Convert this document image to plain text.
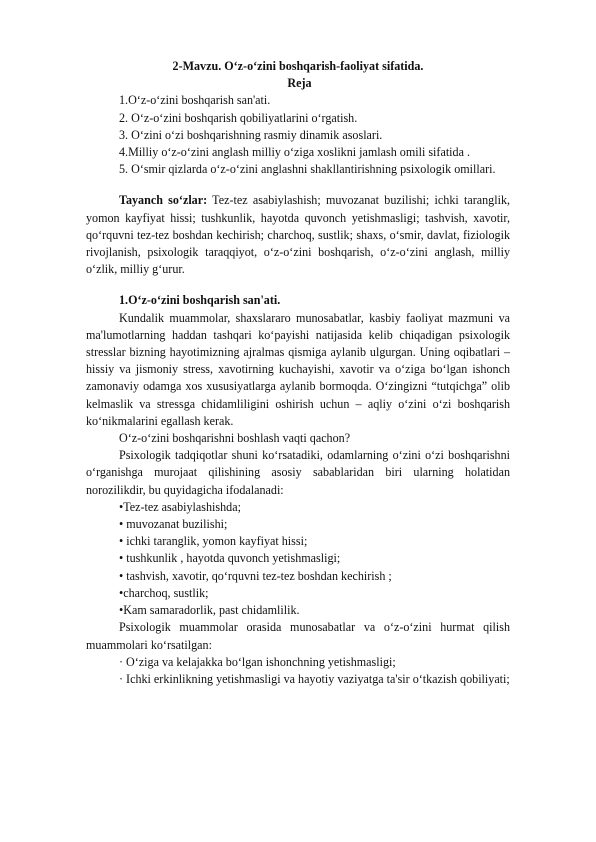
2-Mavzu. O‘z-o‘zini boshqarish-faoliyat sifatida.

Reja

1.O‘z-o‘zini boshqarish san'ati.

2. O‘z-o‘zini boshqarish qobiliyatlarini o‘rgatish.

3. O‘zini o‘zi boshqarishning rasmiy dinamik asoslari.

4.Milliy o‘z-o‘zini anglash milliy o‘ziga xoslikni jamlash omili sifatida .

5. O‘smir qizlarda o‘z-o‘zini anglashni shakllantirishning psixologik omillari.

Tayanch so‘zlar: Tez-tez asabiylashish; muvozanat buzilishi; ichki taranglik, yomon kayfiyat hissi; tushkunlik, hayotda quvonch yetishmasligi; tashvish, xavotir, qo‘rquvni tez-tez boshdan kechirish; charchoq, sustlik; shaxs, o‘smir, davlat, fiziologik rivojlanish, psixologik taraqqiyot, o‘z-o‘zini boshqarish, o‘z-o‘zini anglash, milliy o‘zlik, milliy g‘urur.

1.O‘z-o‘zini boshqarish san'ati.

Kundalik muammolar, shaxslararo munosabatlar, kasbiy faoliyat mazmuni va ma'lumotlarning haddan tashqari ko‘payishi natijasida kelib chiqadigan psixologik stresslar bizning hayotimizning ajralmas qismiga aylanib ulgurgan. Uning oqibatlari – hissiy va jismoniy stress, xavotirning kuchayishi, xavotir va o‘ziga bo‘lgan ishonch zamonaviy odamga xos xususiyatlarga aylanib bormoqda. O‘zingizni “tutqichga” olib kelmaslik va stressga chidamliligini oshirish uchun – aqliy o‘zini o‘zi boshqarish ko‘nikmalarini egallash kerak.

O‘z-o‘zini boshqarishni boshlash vaqti qachon?

Psixologik tadqiqotlar shuni ko‘rsatadiki, odamlarning o‘zini o‘zi boshqarishni o‘rganishga murojaat qilishining asosiy sabablaridan biri ularning holatidan norozilikdir, bu quyidagicha ifodalanadi:

•Tez-tez asabiylashishda;

• muvozanat buzilishi;

• ichki taranglik, yomon kayfiyat hissi;

• tushkunlik , hayotda quvonch yetishmasligi;

• tashvish, xavotir, qo‘rquvni tez-tez boshdan kechirish ;

•charchoq, sustlik;

•Kam samaradorlik, past chidamlilik.

Psixologik muammolar orasida munosabatlar va o‘z-o‘zini hurmat qilish muammolari ko‘rsatilgan:

· O‘ziga va kelajakka bo‘lgan ishonchning yetishmasligi;

· Ichki erkinlikning yetishmasligi va hayotiy vaziyatga ta'sir o‘tkazish qobiliyati;
